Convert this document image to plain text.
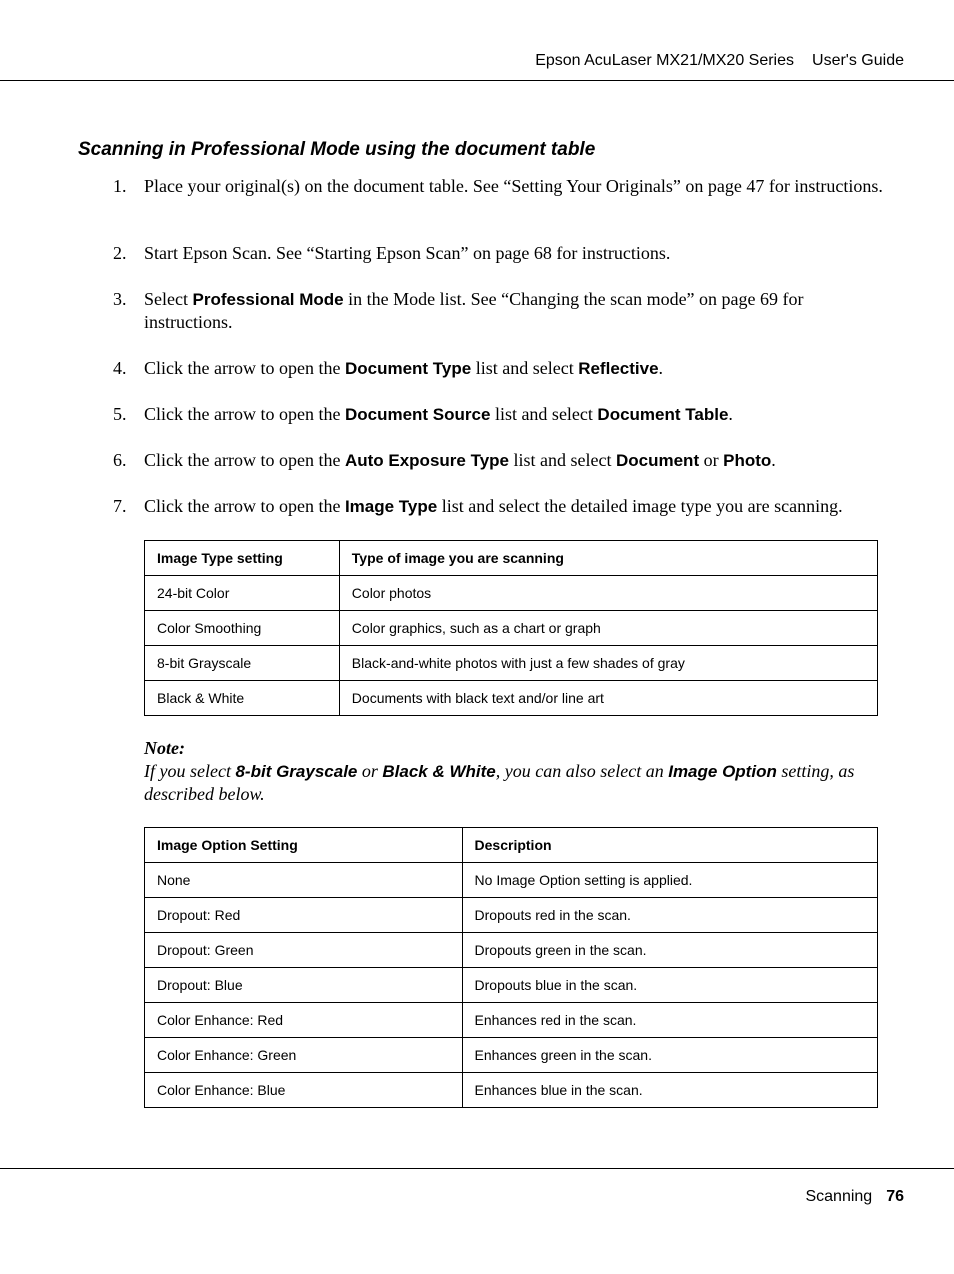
Epson AcuLaser MX21/MX20 Series User's Guide
Scanning in Professional Mode using the document table
1. Place your original(s) on the document table. See “Setting Your Originals” on page 47 for instructions.
2. Start Epson Scan. See “Starting Epson Scan” on page 68 for instructions.
3. Select Professional Mode in the Mode list. See “Changing the scan mode” on page 69 for instructions.
4. Click the arrow to open the Document Type list and select Reflective.
5. Click the arrow to open the Document Source list and select Document Table.
6. Click the arrow to open the Auto Exposure Type list and select Document or Photo.
7. Click the arrow to open the Image Type list and select the detailed image type you are scanning.
Image Type setting	Type of image you are scanning
24-bit Color	Color photos
Color Smoothing	Color graphics, such as a chart or graph
8-bit Grayscale	Black-and-white photos with just a few shades of gray
Black & White	Documents with black text and/or line art
Note:
If you select 8-bit Grayscale or Black & White, you can also select an Image Option setting, as described below.
Image Option Setting	Description
None	No Image Option setting is applied.
Dropout: Red	Dropouts red in the scan.
Dropout: Green	Dropouts green in the scan.
Dropout: Blue	Dropouts blue in the scan.
Color Enhance: Red	Enhances red in the scan.
Color Enhance: Green	Enhances green in the scan.
Color Enhance: Blue	Enhances blue in the scan.
Scanning 76
